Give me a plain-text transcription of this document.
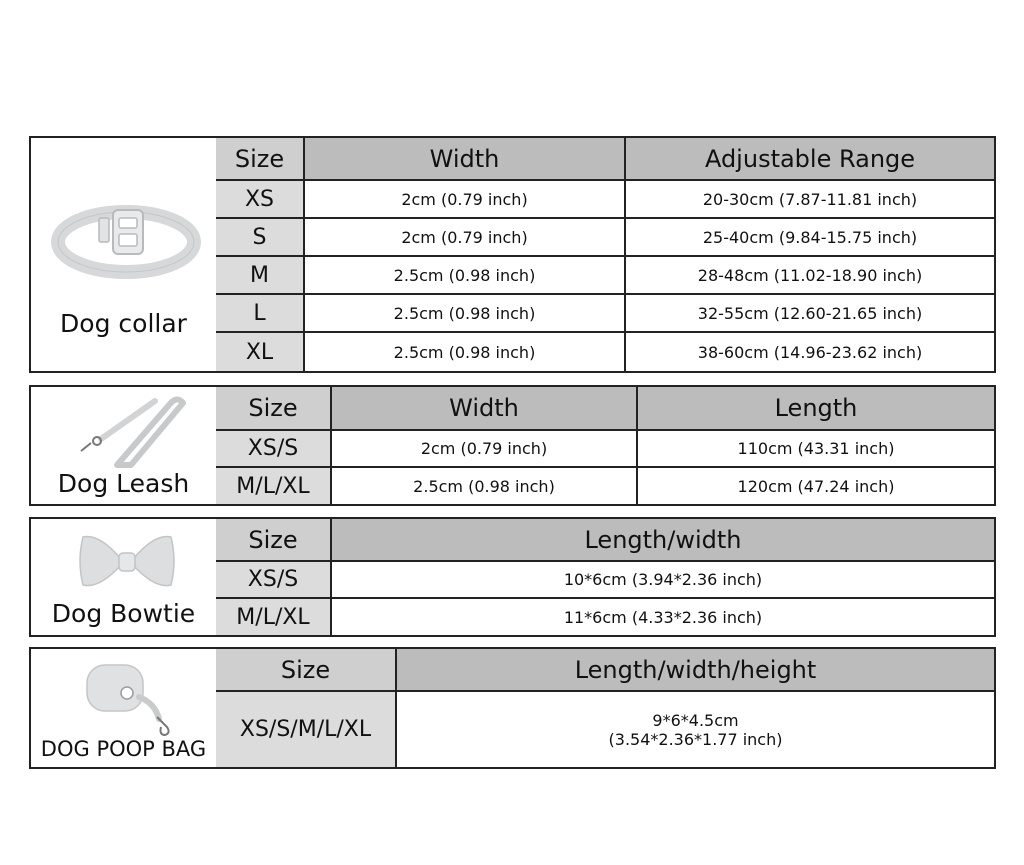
Dog collar
Size	Width	Adjustable Range
XS	2cm (0.79 inch)	20-30cm (7.87-11.81 inch)
S	2cm (0.79 inch)	25-40cm (9.84-15.75 inch)
M	2.5cm (0.98 inch)	28-48cm (11.02-18.90 inch)
L	2.5cm (0.98 inch)	32-55cm (12.60-21.65 inch)
XL	2.5cm (0.98 inch)	38-60cm (14.96-23.62 inch)
Dog Leash
Size	Width	Length
XS/S	2cm (0.79 inch)	110cm (43.31 inch)
M/L/XL	2.5cm (0.98 inch)	120cm (47.24 inch)
Dog Bowtie
Size	Length/width
XS/S	10*6cm (3.94*2.36 inch)
M/L/XL	11*6cm (4.33*2.36 inch)
DOG POOP BAG
Size	Length/width/height
XS/S/M/L/XL	9*6*4.5cm
(3.54*2.36*1.77 inch)
